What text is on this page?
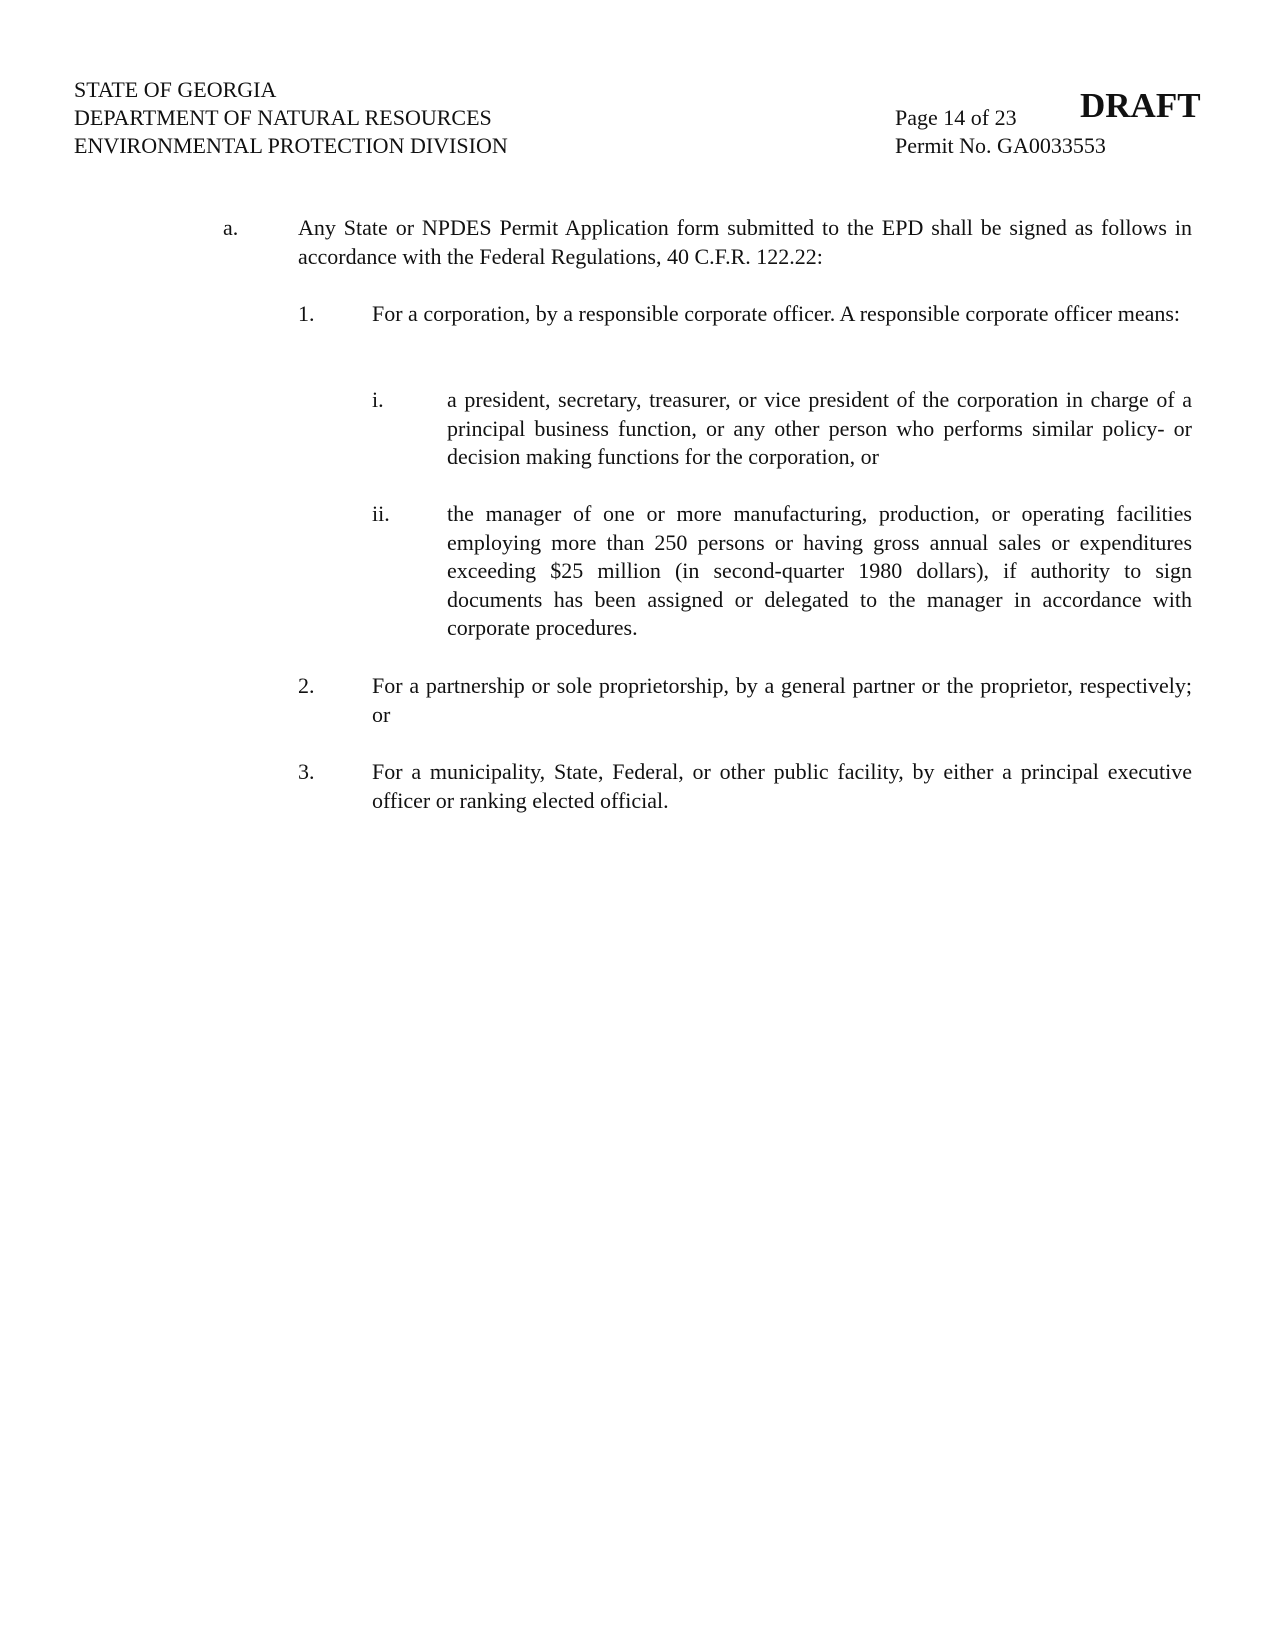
STATE OF GEORGIA
DEPARTMENT OF NATURAL RESOURCES
ENVIRONMENTAL PROTECTION DIVISION
Page 14 of 23
Permit No. GA0033553
DRAFT
a.	Any State or NPDES Permit Application form submitted to the EPD shall be signed as follows in accordance with the Federal Regulations, 40 C.F.R. 122.22:
1.	For a corporation, by a responsible corporate officer. A responsible corporate officer means:
i.	a president, secretary, treasurer, or vice president of the corporation in charge of a principal business function, or any other person who performs similar policy- or decision making functions for the corporation, or
ii.	the manager of one or more manufacturing, production, or operating facilities employing more than 250 persons or having gross annual sales or expenditures exceeding $25 million (in second-quarter 1980 dollars), if authority to sign documents has been assigned or delegated to the manager in accordance with corporate procedures.
2.	For a partnership or sole proprietorship, by a general partner or the proprietor, respectively; or
3.	For a municipality, State, Federal, or other public facility, by either a principal executive officer or ranking elected official.
